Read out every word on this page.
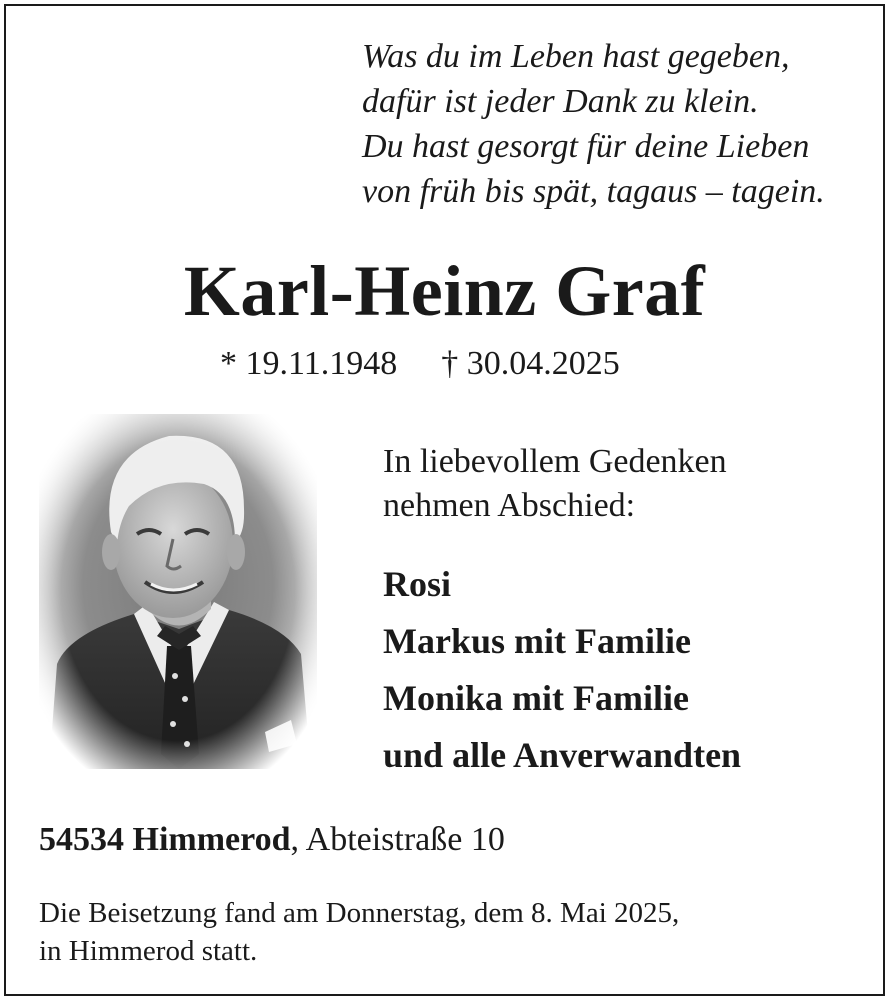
Was du im Leben hast gegeben,
dafür ist jeder Dank zu klein.
Du hast gesorgt für deine Lieben
von früh bis spät, tagaus – tagein.
Karl-Heinz Graf
* 19.11.1948 † 30.04.2025
In liebevollem Gedenken
nehmen Abschied:
Rosi
Markus mit Familie
Monika mit Familie
und alle Anverwandten
54534 Himmerod, Abteistraße 10
Die Beisetzung fand am Donnerstag, dem 8. Mai 2025,
in Himmerod statt.
